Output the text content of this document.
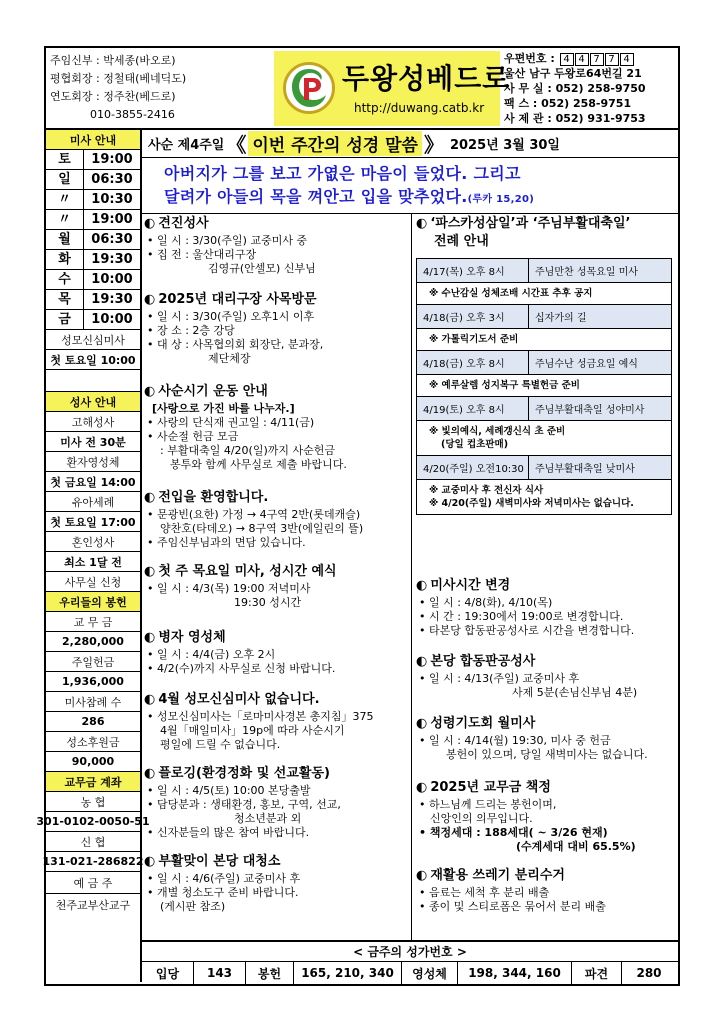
주임신부 : 박세종(바오로)
평협회장 : 정철태(베네딕도)
연도회장 : 정주찬(베드로)
010-3855-2416
두왕성베드로
http://duwang.catb.kr
우편번호 : 4 4 7 7 4
울산 남구 두왕로64번길 21
사 무 실 : 052) 258-9750
팩 스 : 052) 258-9751
사 제 관 : 052) 931-9753
미사 안내
토	19:00
일	06:30
〃	10:30
〃	19:00
월	06:30
화	19:30
수	10:00
목	19:30
금	10:00
성모신심미사
첫 토요일 10:00
성사 안내
고해성사
미사 전 30분
환자영성체
첫 금요일 14:00
유아세례
첫 토요일 17:00
혼인성사
최소 1달 전
사무실 신청
우리들의 봉헌
교 무 금
2,280,000
주일헌금
1,936,000
미사참례 수
286
성소후원금
90,000
교무금 계좌
농 협
301-0102-0050-51
신 협
131-021-286822
예 금 주
천주교부산교구
사순 제4주일 《 이번 주간의 성경 말씀 》 2025년 3월 30일
아버지가 그를 보고 가엾은 마음이 들었다. 그리고
달려가 아들의 목을 껴안고 입을 맞추었다.(루카 15,20)
◐ 견진성사
• 일 시 : 3/30(주일) 교중미사 중
• 집 전 : 울산대리구장
김영규(안셀모) 신부님
◐ 2025년 대리구장 사목방문
• 일 시 : 3/30(주일) 오후1시 이후
• 장 소 : 2층 강당
• 대 상 : 사목협의회 회장단, 분과장,
제단체장
◐ 사순시기 운동 안내
[사랑으로 가진 바를 나누자.]
• 사랑의 단식재 권고일 : 4/11(금)
• 사순절 헌금 모금
: 부활대축일 4/20(일)까지 사순헌금
봉투와 함께 사무실로 제출 바랍니다.
◐ 전입을 환영합니다.
• 문광빈(요한) 가정 → 4구역 2반(롯데캐슬)
양찬호(타데오) → 8구역 3반(에일린의 뜰)
• 주임신부님과의 면담 있습니다.
◐ 첫 주 목요일 미사, 성시간 예식
• 일 시 : 4/3(목) 19:00 저녁미사
19:30 성시간
◐ 병자 영성체
• 일 시 : 4/4(금) 오후 2시
• 4/2(수)까지 사무실로 신청 바랍니다.
◐ 4월 성모신심미사 없습니다.
• 성모신심미사는「로마미사경본 총지침」375
4월「매일미사」19p에 따라 사순시기
평일에 드릴 수 없습니다.
◐ 플로깅(환경정화 및 선교활동)
• 일 시 : 4/5(토) 10:00 본당출발
• 담당분과 : 생태환경, 홍보, 구역, 선교,
청소년분과 외
• 신자분들의 많은 참여 바랍니다.
◐ 부활맞이 본당 대청소
• 일 시 : 4/6(주일) 교중미사 후
• 개별 청소도구 준비 바랍니다.
(게시판 참조)
◐ ‘파스카성삼일’과 ‘주님부활대축일’
전례 안내
4/17(목) 오후 8시	주님만찬 성목요일 미사
※ 수난감실 성체조배 시간표 추후 공지
4/18(금) 오후 3시	십자가의 길
※ 가톨릭기도서 준비
4/18(금) 오후 8시	주님수난 성금요일 예식
※ 예루살렘 성지복구 특별헌금 준비
4/19(토) 오후 8시	주님부활대축일 성야미사
※ 빛의예식, 세례갱신식 초 준비
(당일 컵초판매)
4/20(주일) 오전10:30	주님부활대축일 낮미사
※ 교중미사 후 전신자 식사
※ 4/20(주일) 새벽미사와 저녁미사는 없습니다.
◐ 미사시간 변경
• 일 시 : 4/8(화), 4/10(목)
• 시 간 : 19:30에서 19:00로 변경합니다.
• 타본당 합동판공성사로 시간을 변경합니다.
◐ 본당 합동판공성사
• 일 시 : 4/13(주일) 교중미사 후
사제 5분(손님신부님 4분)
◐ 성령기도회 월미사
• 일 시 : 4/14(월) 19:30, 미사 중 헌금
봉헌이 있으며, 당일 새벽미사는 없습니다.
◐ 2025년 교무금 책정
• 하느님께 드리는 봉헌이며,
신앙인의 의무입니다.
• 책정세대 : 188세대( ~ 3/26 현재)
(수계세대 대비 65.5%)
◐ 재활용 쓰레기 분리수거
• 음료는 세척 후 분리 배출
• 종이 및 스티로폼은 묶어서 분리 배출
< 금주의 성가번호 >
입당	143	봉헌	165, 210, 340	영성체	198, 344, 160	파견	280
